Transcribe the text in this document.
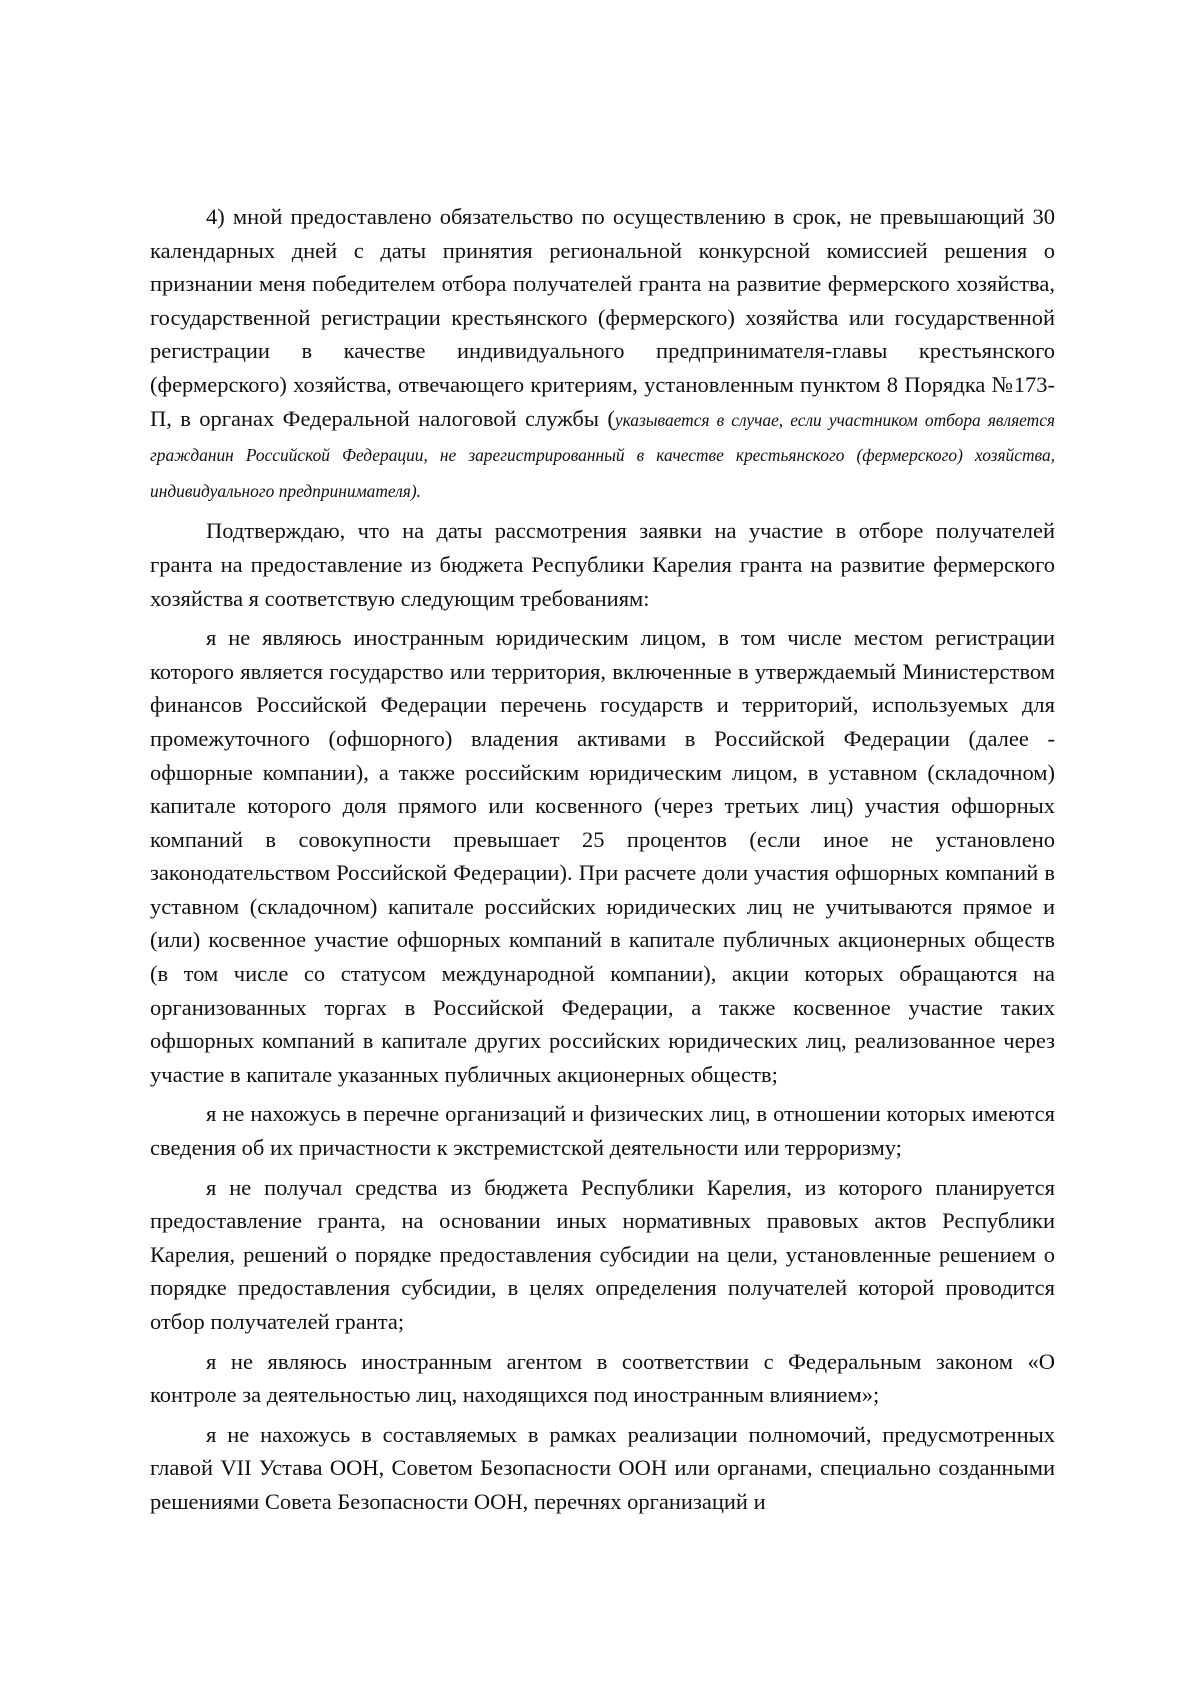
4) мной предоставлено обязательство по осуществлению в срок, не превышающий 30 календарных дней с даты принятия региональной конкурсной комиссией решения о признании меня победителем отбора получателей гранта на развитие фермерского хозяйства, государственной регистрации крестьянского (фермерского) хозяйства или государственной регистрации в качестве индивидуального предпринимателя-главы крестьянского (фермерского) хозяйства, отвечающего критериям, установленным пунктом 8 Порядка №173-П, в органах Федеральной налоговой службы (указывается в случае, если участником отбора является гражданин Российской Федерации, не зарегистрированный в качестве крестьянского (фермерского) хозяйства, индивидуального предпринимателя).

Подтверждаю, что на даты рассмотрения заявки на участие в отборе получателей гранта на предоставление из бюджета Республики Карелия гранта на развитие фермерского хозяйства я соответствую следующим требованиям:

я не являюсь иностранным юридическим лицом, в том числе местом регистрации которого является государство или территория, включенные в утверждаемый Министерством финансов Российской Федерации перечень государств и территорий, используемых для промежуточного (офшорного) владения активами в Российской Федерации (далее - офшорные компании), а также российским юридическим лицом, в уставном (складочном) капитале которого доля прямого или косвенного (через третьих лиц) участия офшорных компаний в совокупности превышает 25 процентов (если иное не установлено законодательством Российской Федерации). При расчете доли участия офшорных компаний в уставном (складочном) капитале российских юридических лиц не учитываются прямое и (или) косвенное участие офшорных компаний в капитале публичных акционерных обществ (в том числе со статусом международной компании), акции которых обращаются на организованных торгах в Российской Федерации, а также косвенное участие таких офшорных компаний в капитале других российских юридических лиц, реализованное через участие в капитале указанных публичных акционерных обществ;

я не нахожусь в перечне организаций и физических лиц, в отношении которых имеются сведения об их причастности к экстремистской деятельности или терроризму;

я не получал средства из бюджета Республики Карелия, из которого планируется предоставление гранта, на основании иных нормативных правовых актов Республики Карелия, решений о порядке предоставления субсидии на цели, установленные решением о порядке предоставления субсидии, в целях определения получателей которой проводится отбор получателей гранта;

я не являюсь иностранным агентом в соответствии с Федеральным законом «О контроле за деятельностью лиц, находящихся под иностранным влиянием»;

я не нахожусь в составляемых в рамках реализации полномочий, предусмотренных главой VII Устава ООН, Советом Безопасности ООН или органами, специально созданными решениями Совета Безопасности ООН, перечнях организаций и
